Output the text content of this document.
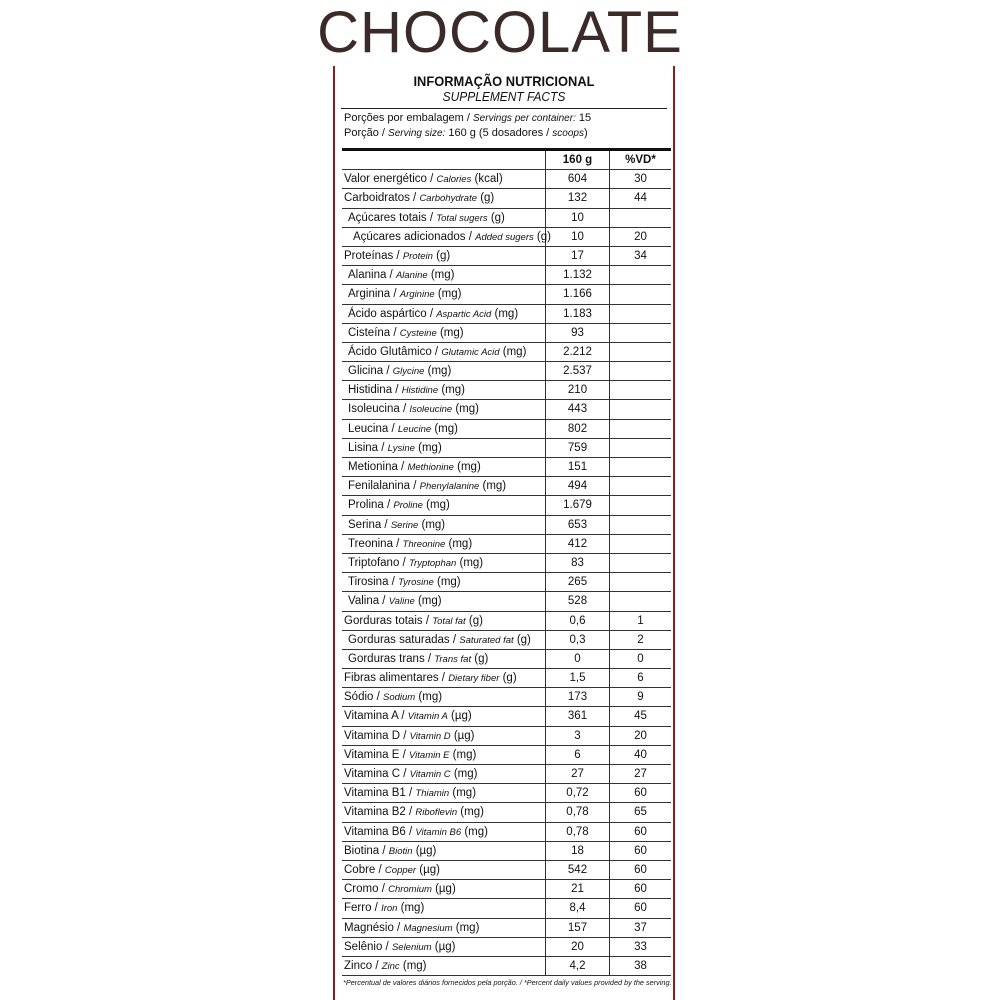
CHOCOLATE
INFORMAÇÃO NUTRICIONAL
SUPPLEMENT FACTS
Porções por embalagem / Servings per container: 15
Porção / Serving size: 160 g (5 dosadores / scoops)
160 g	%VD*
Valor energético / Calories (kcal)	604	30
Carboidratos / Carbohydrate (g)	132	44
Açúcares totais / Total sugers (g)	10
Açúcares adicionados / Added sugers (g)	10	20
Proteínas / Protein (g)	17	34
Alanina / Alanine (mg)	1.132
Arginina / Arginine (mg)	1.166
Ácido aspártico / Aspartic Acid (mg)	1.183
Cisteína / Cysteine (mg)	93
Ácido Glutâmico / Glutamic Acid (mg)	2.212
Glicina / Glycine (mg)	2.537
Histidina / Histidine (mg)	210
Isoleucina / Isoleucine (mg)	443
Leucina / Leucine (mg)	802
Lisina / Lysine (mg)	759
Metionina / Methionine (mg)	151
Fenilalanina / Phenylalanine (mg)	494
Prolina / Proline (mg)	1.679
Serina / Serine (mg)	653
Treonina / Threonine (mg)	412
Triptofano / Tryptophan (mg)	83
Tirosina / Tyrosine (mg)	265
Valina / Valine (mg)	528
Gorduras totais / Total fat (g)	0,6	1
Gorduras saturadas / Saturated fat (g)	0,3	2
Gorduras trans / Trans fat (g)	0	0
Fibras alimentares / Dietary fiber (g)	1,5	6
Sódio / Sodium (mg)	173	9
Vitamina A / Vitamin A (µg)	361	45
Vitamina D / Vitamin D (µg)	3	20
Vitamina E / Vitamin E (mg)	6	40
Vitamina C / Vitamin C (mg)	27	27
Vitamina B1 / Thiamin (mg)	0,72	60
Vitamina B2 / Riboflevin (mg)	0,78	65
Vitamina B6 / Vitamin B6 (mg)	0,78	60
Biotina / Biotin (µg)	18	60
Cobre / Copper (µg)	542	60
Cromo / Chromium (µg)	21	60
Ferro / Iron (mg)	8,4	60
Magnésio / Magnesium (mg)	157	37
Selênio / Selenium (µg)	20	33
Zinco / Zinc (mg)	4,2	38
*Percentual de valores diários fornecidos pela porção. / *Percent daily values provided by the serving.
